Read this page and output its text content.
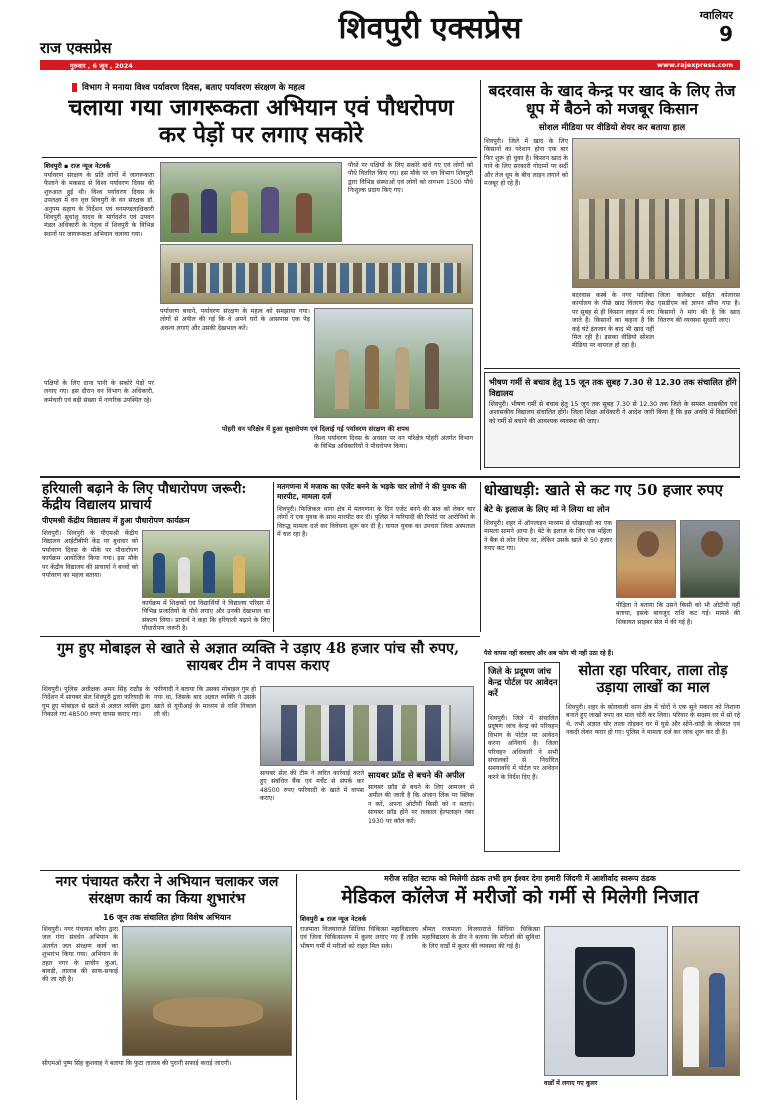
राज एक्सप्रेस
शिवपुरी एक्सप्रेस	ग्वालियर
9
गुरुवार , 6 जून , 2024	www.rajexpress.com
विभाग ने मनाया विश्व पर्यावरण दिवस, बताए पर्यावरण संरक्षण के महत्व
चलाया गया जागरूकता अभियान एवं पौधरोपण कर पेड़ों पर लगाए सकोरे
शिवपुरी ▪ राज न्यूज नेटवर्क
पर्यावरण संरक्षण के प्रति लोगों में जागरूकता फैलाने के मकसद से विश्व पर्यावरण दिवस की शुरुआत हुई थी। विश्व पर्यावरण दिवस के उपलक्ष्य में वन वृत्त शिवपुरी के वन संरक्षक डॉ. अनुपम सहाय के निर्देशन एवं वनमण्डलाधिकारी शिवपुरी सुधांशु यादव के मार्गदर्शन एवं उपवन मंडल अधिकारी के नेतृत्व में शिवपुरी के विभिन्न स्थानों पर जागरूकता अभियान चलाया गया।
पौधों पर पक्षियों के लिए सकोरे बांधे गए एवं लोगों को पौधे वितरित किए गए। इस मौके पर वन विभाग शिवपुरी द्वारा विभिन्न संस्थाओं एवं लोगों को लगभग 1500 पौधे निःशुल्क प्रदाय किए गए।
पर्यावरण बचाने, पर्यावरण संरक्षण के महत्व को समझाया गया। लोगों से अपील की गई कि वे अपने घरों के आसपास एक पेड़ अवश्य लगाएं और उसकी देखभाल करें।
पक्षियों के लिए दाना पानी के सकोरे पेड़ों पर लगाए गए। इस दौरान वन विभाग के अधिकारी, कर्मचारी एवं बड़ी संख्या में नागरिक उपस्थित रहे।
पोहरी वन परिक्षेत्र में हुआ वृक्षारोपण एवं दिलाई गई पर्यावरण संरक्षण की शपथ
विश्व पर्यावरण दिवस के अवसर पर वन परिक्षेत्र पोहरी अंतर्गत विभाग के विभिन्न अधिकारियों ने पौधरोपण किया।
बदरवास के खाद केन्द्र पर खाद के लिए तेज धूप में बैठने को मजबूर किसान
सोशल मीडिया पर वीडियो शेयर कर बताया हाल
शिवपुरी। जिले में खाद के लिए किसानों का परेशान होना एक बार फिर शुरू हो चुका है। किसान खाद के पाने के लिए सरकारी गोदामों पर सर्दी और तेज धूप के बीच लाइन लगाने को मजबूर हो रहे हैं।
बदरवास कस्बे के नगर पालिका कार्यालय के पीछे खाद वितरण केंद्र पर सुबह से ही किसान लाइन में लग जाते हैं। किसानों का कहना है कि कई घंटे इंतजार के बाद भी खाद नहीं मिल रही है। इसका वीडियो सोशल मीडिया पर वायरल हो रहा है।
जिला कलेक्टर सहित कोलारस एसडीएम को ज्ञापन सौंपा गया है। किसानों ने मांग की है कि खाद वितरण की व्यवस्था सुधारी जाए।
भीषण गर्मी से बचाव हेतु 15 जून तक सुबह 7.30 से 12.30 तक संचालित होंगे विद्यालय
शिवपुरी। भीषण गर्मी से बचाव हेतु 15 जून तक सुबह 7.30 से 12.30 तक जिले के समस्त शासकीय एवं अशासकीय विद्यालय संचालित होंगे। जिला शिक्षा अधिकारी ने आदेश जारी किया है कि इस अवधि में विद्यार्थियों को गर्मी से बचाने की आवश्यक व्यवस्था की जाए।
हरियाली बढ़ाने के लिए पौधारोपण जरूरी: केंद्रीय विद्यालय प्राचार्य
पीएमश्री केंद्रीय विद्यालय में हुआ पौधारोपण कार्यक्रम
शिवपुरी। शिवपुरी के पीएमश्री केंद्रीय विद्यालय आईटीबीपी केंद्र पर बुधवार को पर्यावरण दिवस के मौके पर पौधारोपण कार्यक्रम आयोजित किया गया। इस मौके पर केंद्रीय विद्यालय की प्राचार्या ने बच्चों को पर्यावरण का महत्व बताया।
कार्यक्रम में शिक्षकों एवं विद्यार्थियों ने विद्यालय परिसर में विभिन्न प्रजातियों के पौधे लगाए और उनकी देखभाल का संकल्प लिया। प्राचार्य ने कहा कि हरियाली बढ़ाने के लिए पौधारोपण जरूरी है।
मतगणना में मजाक का एजेंट बनने के भड़के चार लोगों ने की युवक की मारपीट, मामला दर्ज
शिवपुरी। फिजिकल थाना क्षेत्र में मतगणना के दिन एजेंट बनने की बात को लेकर चार लोगों ने एक युवक के साथ मारपीट कर दी। पुलिस ने फरियादी की रिपोर्ट पर आरोपियों के विरुद्ध मामला दर्ज कर विवेचना शुरू कर दी है। घायल युवक का उपचार जिला अस्पताल में चल रहा है।
धोखाधड़ी: खाते से कट गए 50 हजार रुपए
बेटे के इलाज के लिए मां ने लिया था लोन
शिवपुरी। शहर में ऑनलाइन माध्यम से धोखाधड़ी का एक मामला सामने आया है। बेटे के इलाज के लिए एक महिला ने बैंक से लोन लिया था, लेकिन उसके खाते से 50 हजार रुपए कट गए।
पीड़िता ने बताया कि उसने किसी को भी ओटीपी नहीं बताया, इसके बावजूद राशि कट गई। मामले की शिकायत साइबर सेल में की गई है।
पैसे वापस नहीं करवाए और अब फोन भी नहीं उठा रहे हैं।
गुम हुए मोबाइल से खाते से अज्ञात व्यक्ति ने उड़ाए 48 हजार पांच सौ रुपए, सायबर टीम ने वापस कराए
शिवपुरी। पुलिस अधीक्षक अमन सिंह राठौड़ के निर्देशन में सायबर सेल शिवपुरी द्वारा फरियादी के गुम हुए मोबाइल से खाते से अज्ञात व्यक्ति द्वारा निकाले गए 48500 रुपए वापस कराए गए।
फरियादी ने बताया कि उसका मोबाइल गुम हो गया था, जिसके बाद अज्ञात व्यक्ति ने उसके खाते से यूपीआई के माध्यम से राशि निकाल ली थी।
सायबर सेल की टीम ने त्वरित कार्रवाई करते हुए संबंधित बैंक एवं मर्चेंट से संपर्क कर 48500 रुपए फरियादी के खाते में वापस कराए।
सायबर फ्रॉड से बचने की अपील
सायबर फ्रॉड से बचने के लिए आमजन से अपील की जाती है कि अंजान लिंक पर क्लिक न करें, अपना ओटीपी किसी को न बताएं। सायबर फ्रॉड होने पर तत्काल हेल्पलाइन नंबर 1930 पर कॉल करें।
जिले के प्रदूषण जांच केन्द्र पोर्टल पर आवेदन करें
शिवपुरी। जिले में संचालित प्रदूषण जांच केन्द्र को परिवहन विभाग के पोर्टल पर आवेदन करना अनिवार्य है। जिला परिवहन अधिकारी ने सभी संचालकों से निर्धारित समयावधि में पोर्टल पर आवेदन करने के निर्देश दिए हैं।
सोता रहा परिवार, ताला तोड़ उड़ाया लाखों का माल
शिवपुरी। शहर के कोतवाली थाना क्षेत्र में चोरों ने एक सूने मकान को निशाना बनाते हुए लाखों रुपए का माल चोरी कर लिया। परिवार के सदस्य घर में सो रहे थे, तभी अज्ञात चोर ताला तोड़कर घर में घुसे और सोने-चांदी के जेवरात एवं नकदी लेकर फरार हो गए। पुलिस ने मामला दर्ज कर जांच शुरू कर दी है।
नगर पंचायत करैरा ने अभियान चलाकर जल संरक्षण कार्य का किया शुभारंभ
16 जून तक संचालित होगा विशेष अभियान
शिवपुरी। नगर पंचायत करैरा द्वारा जल गंगा संवर्धन अभियान के अंतर्गत जल संरक्षण कार्य का शुभारंभ किया गया। अभियान के तहत नगर के प्राचीन कुआं, बावड़ी, तालाब की साफ-सफाई की जा रही है।
सीएमओ पुष्प सिंह कुशवाह ने बताया कि फुटा तालाब की पुरानी सफाई कराई जाएगी।
मरीज सहित स्टाफ को मिलेगी ठंडक तभी हम ईश्वर देगा हमारी जिंदगी में आशीर्वाद स्वरूप ठंडक
मेडिकल कॉलेज में मरीजों को गर्मी से मिलेगी निजात
शिवपुरी ▪ राज न्यूज नेटवर्क
राजमाता विजयाराजे सिंधिया चिकित्सा महाविद्यालय एवं जिला चिकित्सालय में कूलर लगाए गए हैं ताकि भीषण गर्मी में मरीजों को राहत मिल सके।
श्रीमंत राजमाता विजयाराजे सिंधिया चिकित्सा महाविद्यालय के डीन ने बताया कि मरीजों की सुविधा के लिए वार्डों में कूलर की व्यवस्था की गई है।
वार्डों में लगाए गए कूलर
